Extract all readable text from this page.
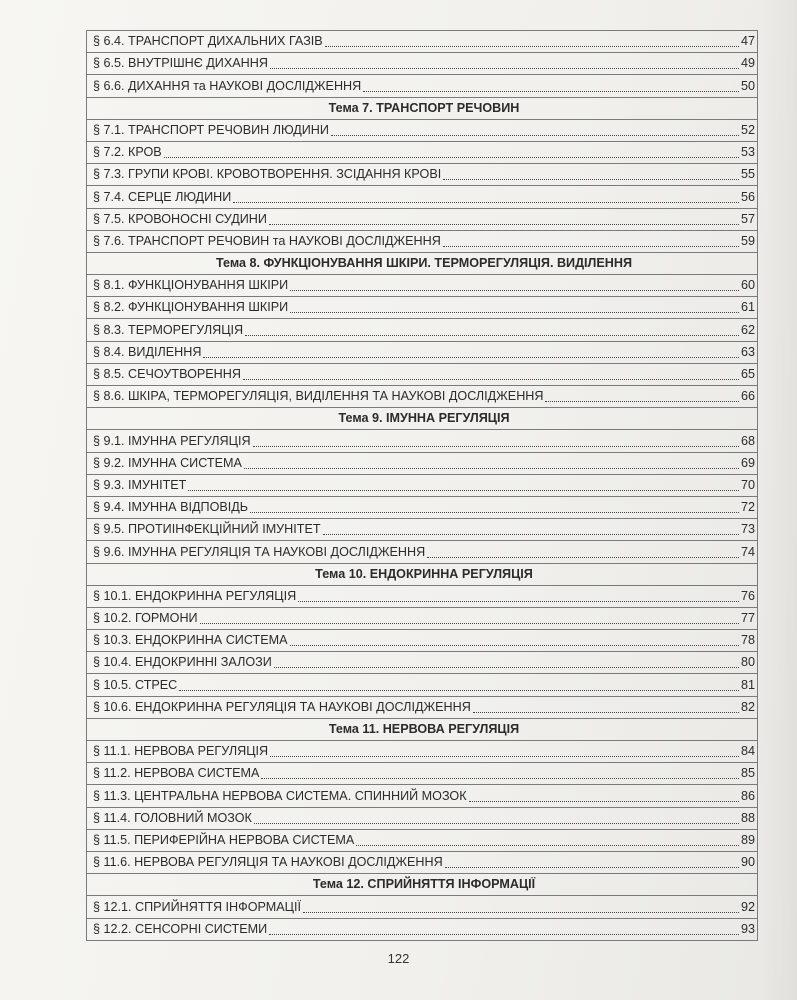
§ 6.4. ТРАНСПОРТ ДИХАЛЬНИХ ГАЗІВ	47

§ 6.5. ВНУТРІШНЄ ДИХАННЯ	49

§ 6.6. ДИХАННЯ та НАУКОВІ ДОСЛІДЖЕННЯ	50

Тема 7. ТРАНСПОРТ РЕЧОВИН

§ 7.1. ТРАНСПОРТ РЕЧОВИН ЛЮДИНИ	52

§ 7.2. КРОВ	53

§ 7.3. ГРУПИ КРОВІ. КРОВОТВОРЕННЯ. ЗСІДАННЯ КРОВІ	55

§ 7.4. СЕРЦЕ ЛЮДИНИ	56

§ 7.5. КРОВОНОСНІ СУДИНИ	57

§ 7.6. ТРАНСПОРТ РЕЧОВИН та НАУКОВІ ДОСЛІДЖЕННЯ	59

Тема 8. ФУНКЦІОНУВАННЯ ШКІРИ. ТЕРМОРЕГУЛЯЦІЯ. ВИДІЛЕННЯ

§ 8.1. ФУНКЦІОНУВАННЯ ШКІРИ	60

§ 8.2. ФУНКЦІОНУВАННЯ ШКІРИ	61

§ 8.3. ТЕРМОРЕГУЛЯЦІЯ	62

§ 8.4. ВИДІЛЕННЯ	63

§ 8.5. СЕЧОУТВОРЕННЯ	65

§ 8.6. ШКІРА, ТЕРМОРЕГУЛЯЦІЯ, ВИДІЛЕННЯ ТА НАУКОВІ ДОСЛІДЖЕННЯ	66

Тема 9. ІМУННА РЕГУЛЯЦІЯ

§ 9.1. ІМУННА РЕГУЛЯЦІЯ	68

§ 9.2. ІМУННА СИСТЕМА	69

§ 9.3. ІМУНІТЕТ	70

§ 9.4. ІМУННА ВІДПОВІДЬ	72

§ 9.5. ПРОТИІНФЕКЦІЙНИЙ ІМУНІТЕТ	73

§ 9.6. ІМУННА РЕГУЛЯЦІЯ ТА НАУКОВІ ДОСЛІДЖЕННЯ	74

Тема 10. ЕНДОКРИННА РЕГУЛЯЦІЯ

§ 10.1. ЕНДОКРИННА РЕГУЛЯЦІЯ	76

§ 10.2. ГОРМОНИ	77

§ 10.3. ЕНДОКРИННА СИСТЕМА	78

§ 10.4. ЕНДОКРИННІ ЗАЛОЗИ	80

§ 10.5. СТРЕС	81

§ 10.6. ЕНДОКРИННА РЕГУЛЯЦІЯ ТА НАУКОВІ ДОСЛІДЖЕННЯ	82

Тема 11. НЕРВОВА РЕГУЛЯЦІЯ

§ 11.1. НЕРВОВА РЕГУЛЯЦІЯ	84

§ 11.2. НЕРВОВА СИСТЕМА	85

§ 11.3. ЦЕНТРАЛЬНА НЕРВОВА СИСТЕМА. СПИННИЙ МОЗОК	86

§ 11.4. ГОЛОВНИЙ МОЗОК	88

§ 11.5. ПЕРИФЕРІЙНА НЕРВОВА СИСТЕМА	89

§ 11.6. НЕРВОВА РЕГУЛЯЦІЯ ТА НАУКОВІ ДОСЛІДЖЕННЯ	90

Тема 12. СПРИЙНЯТТЯ ІНФОРМАЦІЇ

§ 12.1. СПРИЙНЯТТЯ ІНФОРМАЦІЇ	92

§ 12.2. СЕНСОРНІ СИСТЕМИ	93
122
